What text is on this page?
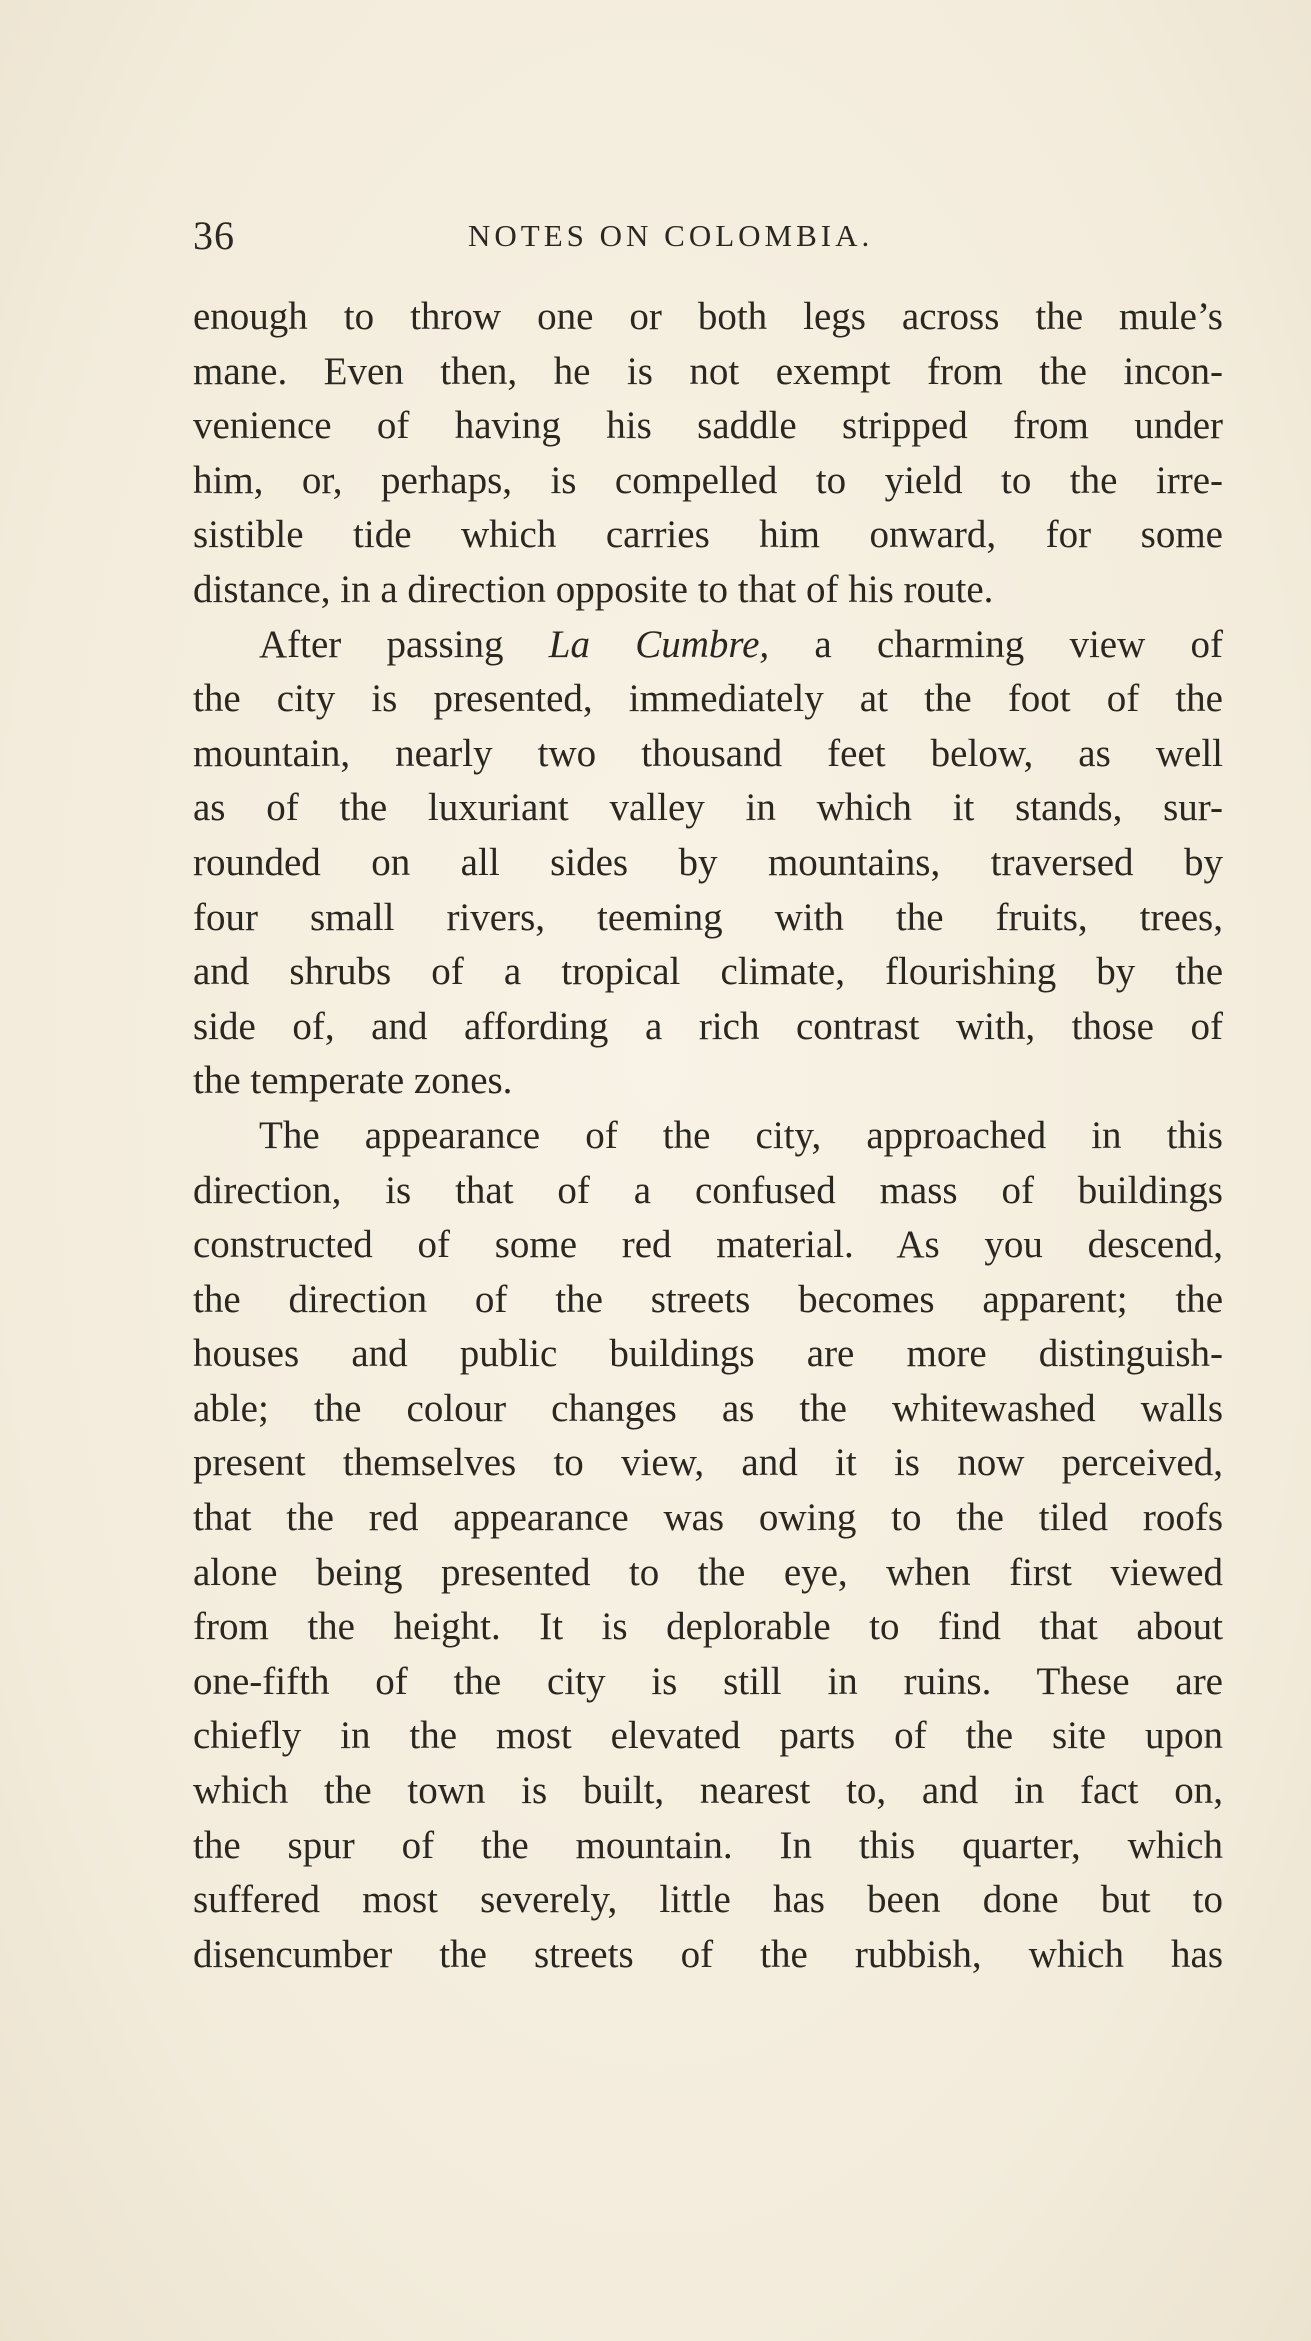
36	NOTES ON COLOMBIA.
enough to throw one or both legs across the mule’s
mane. Even then, he is not exempt from the incon-
venience of having his saddle stripped from under
him, or, perhaps, is compelled to yield to the irre-
sistible tide which carries him onward, for some
distance, in a direction opposite to that of his route.
After passing La Cumbre, a charming view of
the city is presented, immediately at the foot of the
mountain, nearly two thousand feet below, as well
as of the luxuriant valley in which it stands, sur-
rounded on all sides by mountains, traversed by
four small rivers, teeming with the fruits, trees,
and shrubs of a tropical climate, flourishing by the
side of, and affording a rich contrast with, those of
the temperate zones.
The appearance of the city, approached in this
direction, is that of a confused mass of buildings
constructed of some red material. As you descend,
the direction of the streets becomes apparent; the
houses and public buildings are more distinguish-
able; the colour changes as the whitewashed walls
present themselves to view, and it is now perceived,
that the red appearance was owing to the tiled roofs
alone being presented to the eye, when first viewed
from the height. It is deplorable to find that about
one-fifth of the city is still in ruins. These are
chiefly in the most elevated parts of the site upon
which the town is built, nearest to, and in fact on,
the spur of the mountain. In this quarter, which
suffered most severely, little has been done but to
disencumber the streets of the rubbish, which has
